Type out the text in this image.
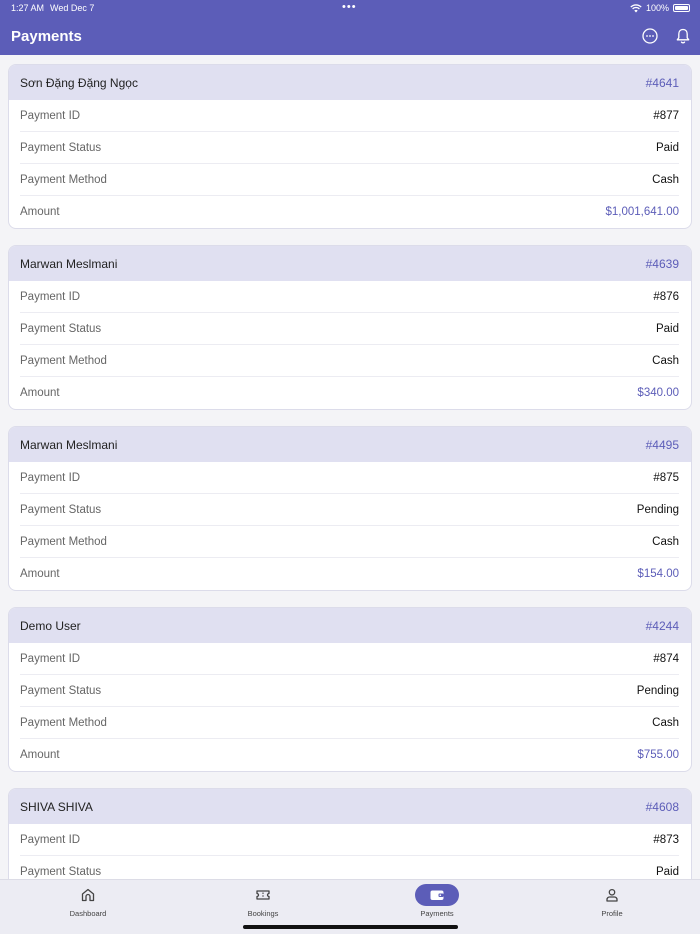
1:27 AM Wed Dec 7	•••	100%
Payments
Sơn Đặng Đặng Ngọc	#4641
Payment ID	#877
Payment Status	Paid
Payment Method	Cash
Amount	$1,001,641.00
Marwan Meslmani	#4639
Payment ID	#876
Payment Status	Paid
Payment Method	Cash
Amount	$340.00
Marwan Meslmani	#4495
Payment ID	#875
Payment Status	Pending
Payment Method	Cash
Amount	$154.00
Demo User	#4244
Payment ID	#874
Payment Status	Pending
Payment Method	Cash
Amount	$755.00
SHIVA SHIVA	#4608
Payment ID	#873
Payment Status	Paid
Dashboard	Bookings	Payments	Profile
